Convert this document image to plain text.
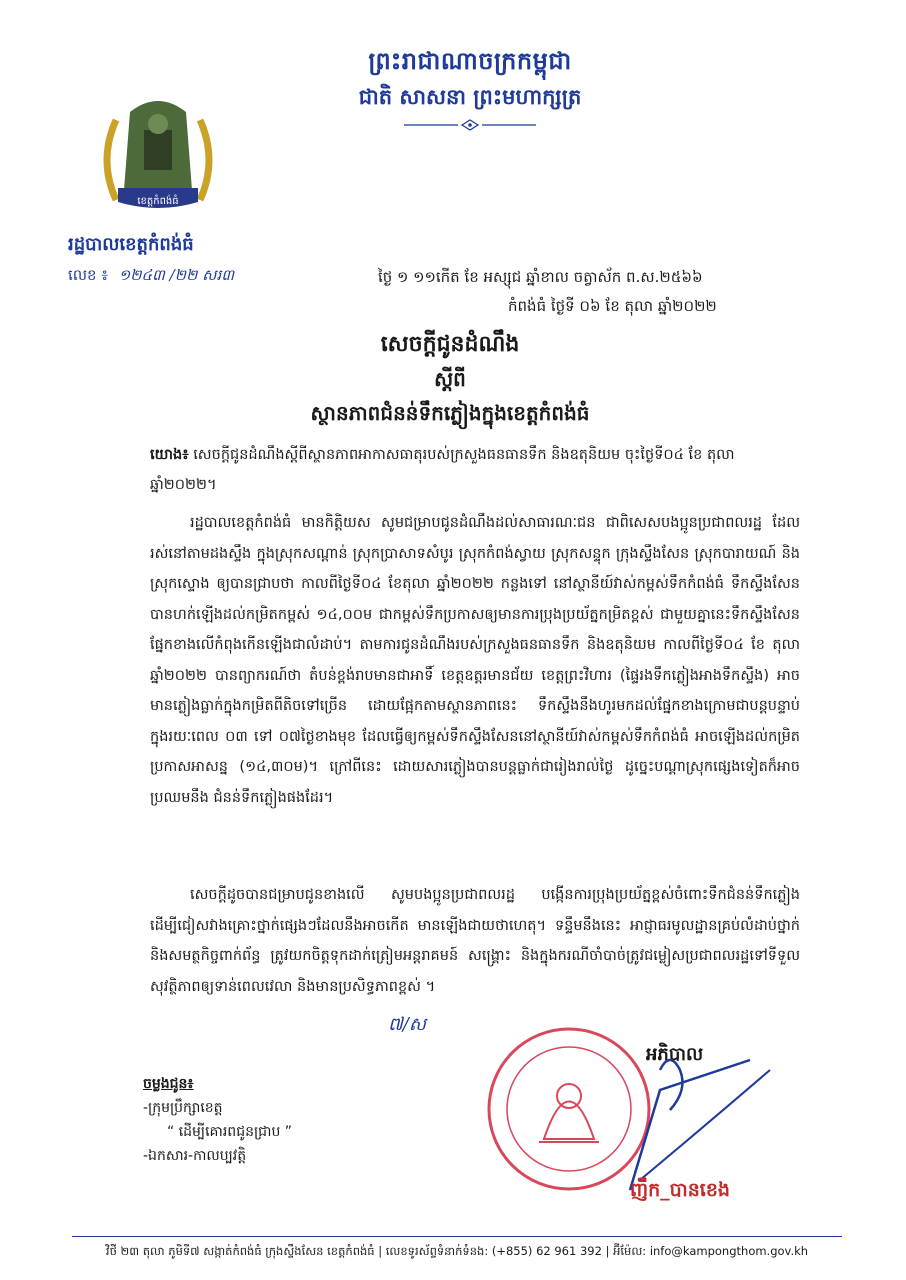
ព្រះរាជាណាចក្រកម្ពុជា
ជាតិ សាសនា ព្រះមហាក្សត្រ
ខេត្តកំពង់ធំ
រដ្ឋបាលខេត្តកំពង់ធំ
លេខ ៖ ១២៤៣ /២២ សរ៣	ថ្ងៃ ១ ១១កើត ខែ អស្សុជ ឆ្នាំខាល ចត្វាស័ក ព.ស.២៥៦៦
កំពង់ធំ ថ្ងៃទី ០៦ ខែ តុលា ឆ្នាំ២០២២
សេចក្តីជូនដំណឹង
ស្តីពី
ស្ថានភាពជំនន់ទឹកភ្លៀងក្នុងខេត្តកំពង់ធំ
យោង៖ សេចក្តីជូនដំណឹងស្តីពីស្ថានភាពអាកាសធាតុរបស់ក្រសួងធនធានទឹក និងឧតុនិយម ចុះថ្ងៃទី០៤ ខែ តុលា ឆ្នាំ២០២២។
រដ្ឋបាលខេត្តកំពង់ធំ មានកិត្តិយស សូមជម្រាបជូនដំណឹងដល់សាធារណៈជន ជាពិសេសបងប្អូនប្រជាពលរដ្ឋ ដែលរស់នៅតាមដងស្ទឹង ក្នុងស្រុកសណ្តាន់ ស្រុកប្រាសាទសំបូរ ស្រុកកំពង់ស្វាយ ស្រុកសន្ទុក ក្រុងស្ទឹងសែន ស្រុកបារាយណ៍ និងស្រុកស្ទោង ឲ្យបានជ្រាបថា កាលពីថ្ងៃទី០៤ ខែតុលា ឆ្នាំ២០២២ កន្លងទៅ នៅស្ថានីយ៍វាស់កម្ពស់ទឹកកំពង់ធំ ទឹកស្ទឹងសែន បានហក់ឡើងដល់កម្រិតកម្ពស់ ១៤,០០ម ជាកម្ពស់ទឹកប្រកាសឲ្យមានការប្រុងប្រយ័ត្នកម្រិតខ្ពស់ ជាមួយគ្នានេះទឹកស្ទឹងសែនផ្នែកខាងលើកំពុងកើនឡើងជាលំដាប់។ តាមការជូនដំណឹងរបស់ក្រសួងធនធានទឹក និងឧតុនិយម កាលពីថ្ងៃទី០៤ ខែ តុលា ឆ្នាំ២០២២ បានព្យាករណ៍ថា តំបន់ខ្ពង់រាបមានជាអាទិ៍ ខេត្តឧត្តរមានជ័យ ខេត្តព្រះវិហារ (ផ្ទៃរងទឹកភ្លៀងអាងទឹកស្ទឹង) អាចមានភ្លៀងធ្លាក់ក្នុងកម្រិតពីតិចទៅច្រើន ដោយផ្អែកតាមស្ថានភាពនេះ ទឹកស្ទឹងនឹងហូរមកដល់ផ្នែកខាងក្រោមជាបន្តបន្ទាប់ក្នុងរយៈពេល ០៣ ទៅ ០៧ថ្ងៃខាងមុខ ដែលធ្វើឲ្យកម្ពស់ទឹកស្ទឹងសែននៅស្ថានីយ៍វាស់កម្ពស់ទឹកកំពង់ធំ អាចឡើងដល់កម្រិតប្រកាសអាសន្ន (១៤,៣០ម)។ ក្រៅពីនេះ ដោយសារភ្លៀងបានបន្តធ្លាក់ជារៀងរាល់ថ្ងៃ ដូច្នេះបណ្តាស្រុកផ្សេងទៀតក៏អាចប្រឈមនឹង ជំនន់ទឹកភ្លៀងផងដែរ។
សេចក្តីដូចបានជម្រាបជូនខាងលើ សូមបងប្អូនប្រជាពលរដ្ឋ បង្កើនការប្រុងប្រយ័ត្នខ្ពស់ចំពោះទឹកជំនន់ទឹកភ្លៀង ដើម្បីជៀសវាងគ្រោះថ្នាក់ផ្សេងៗដែលនឹងអាចកើត មានឡើងជាយថាហេតុ។ ទន្ទឹមនឹងនេះ អាជ្ញាធរមូលដ្ឋានគ្រប់លំដាប់ថ្នាក់ និងសមត្ថកិច្ចពាក់ព័ន្ធ ត្រូវយកចិត្តទុកដាក់ត្រៀមអន្តរាគមន៍ សង្គ្រោះ និងក្នុងករណីចាំបាច់ត្រូវជម្លៀសប្រជាពលរដ្ឋទៅទីទួលសុវត្ថិភាពឲ្យទាន់ពេលវេលា និងមានប្រសិទ្ធភាពខ្ពស់ ។
៧/ស
ចម្លងជូន៖
-ក្រុមប្រឹក្សាខេត្ត
“ ដើម្បីគោរពជូនជ្រាប ”
-ឯកសារ-កាលប្បវត្តិ
អភិបាល
ញឹក_បានខេង
វិថី ២៣ តុលា ភូមិទី៧ សង្កាត់កំពង់ធំ ក្រុងស្ទឹងសែន ខេត្តកំពង់ធំ | លេខទូរស័ព្ទទំនាក់ទំនង: (+855) 62 961 392 | អ៊ីម៉ែល: info@kampongthom.gov.kh
